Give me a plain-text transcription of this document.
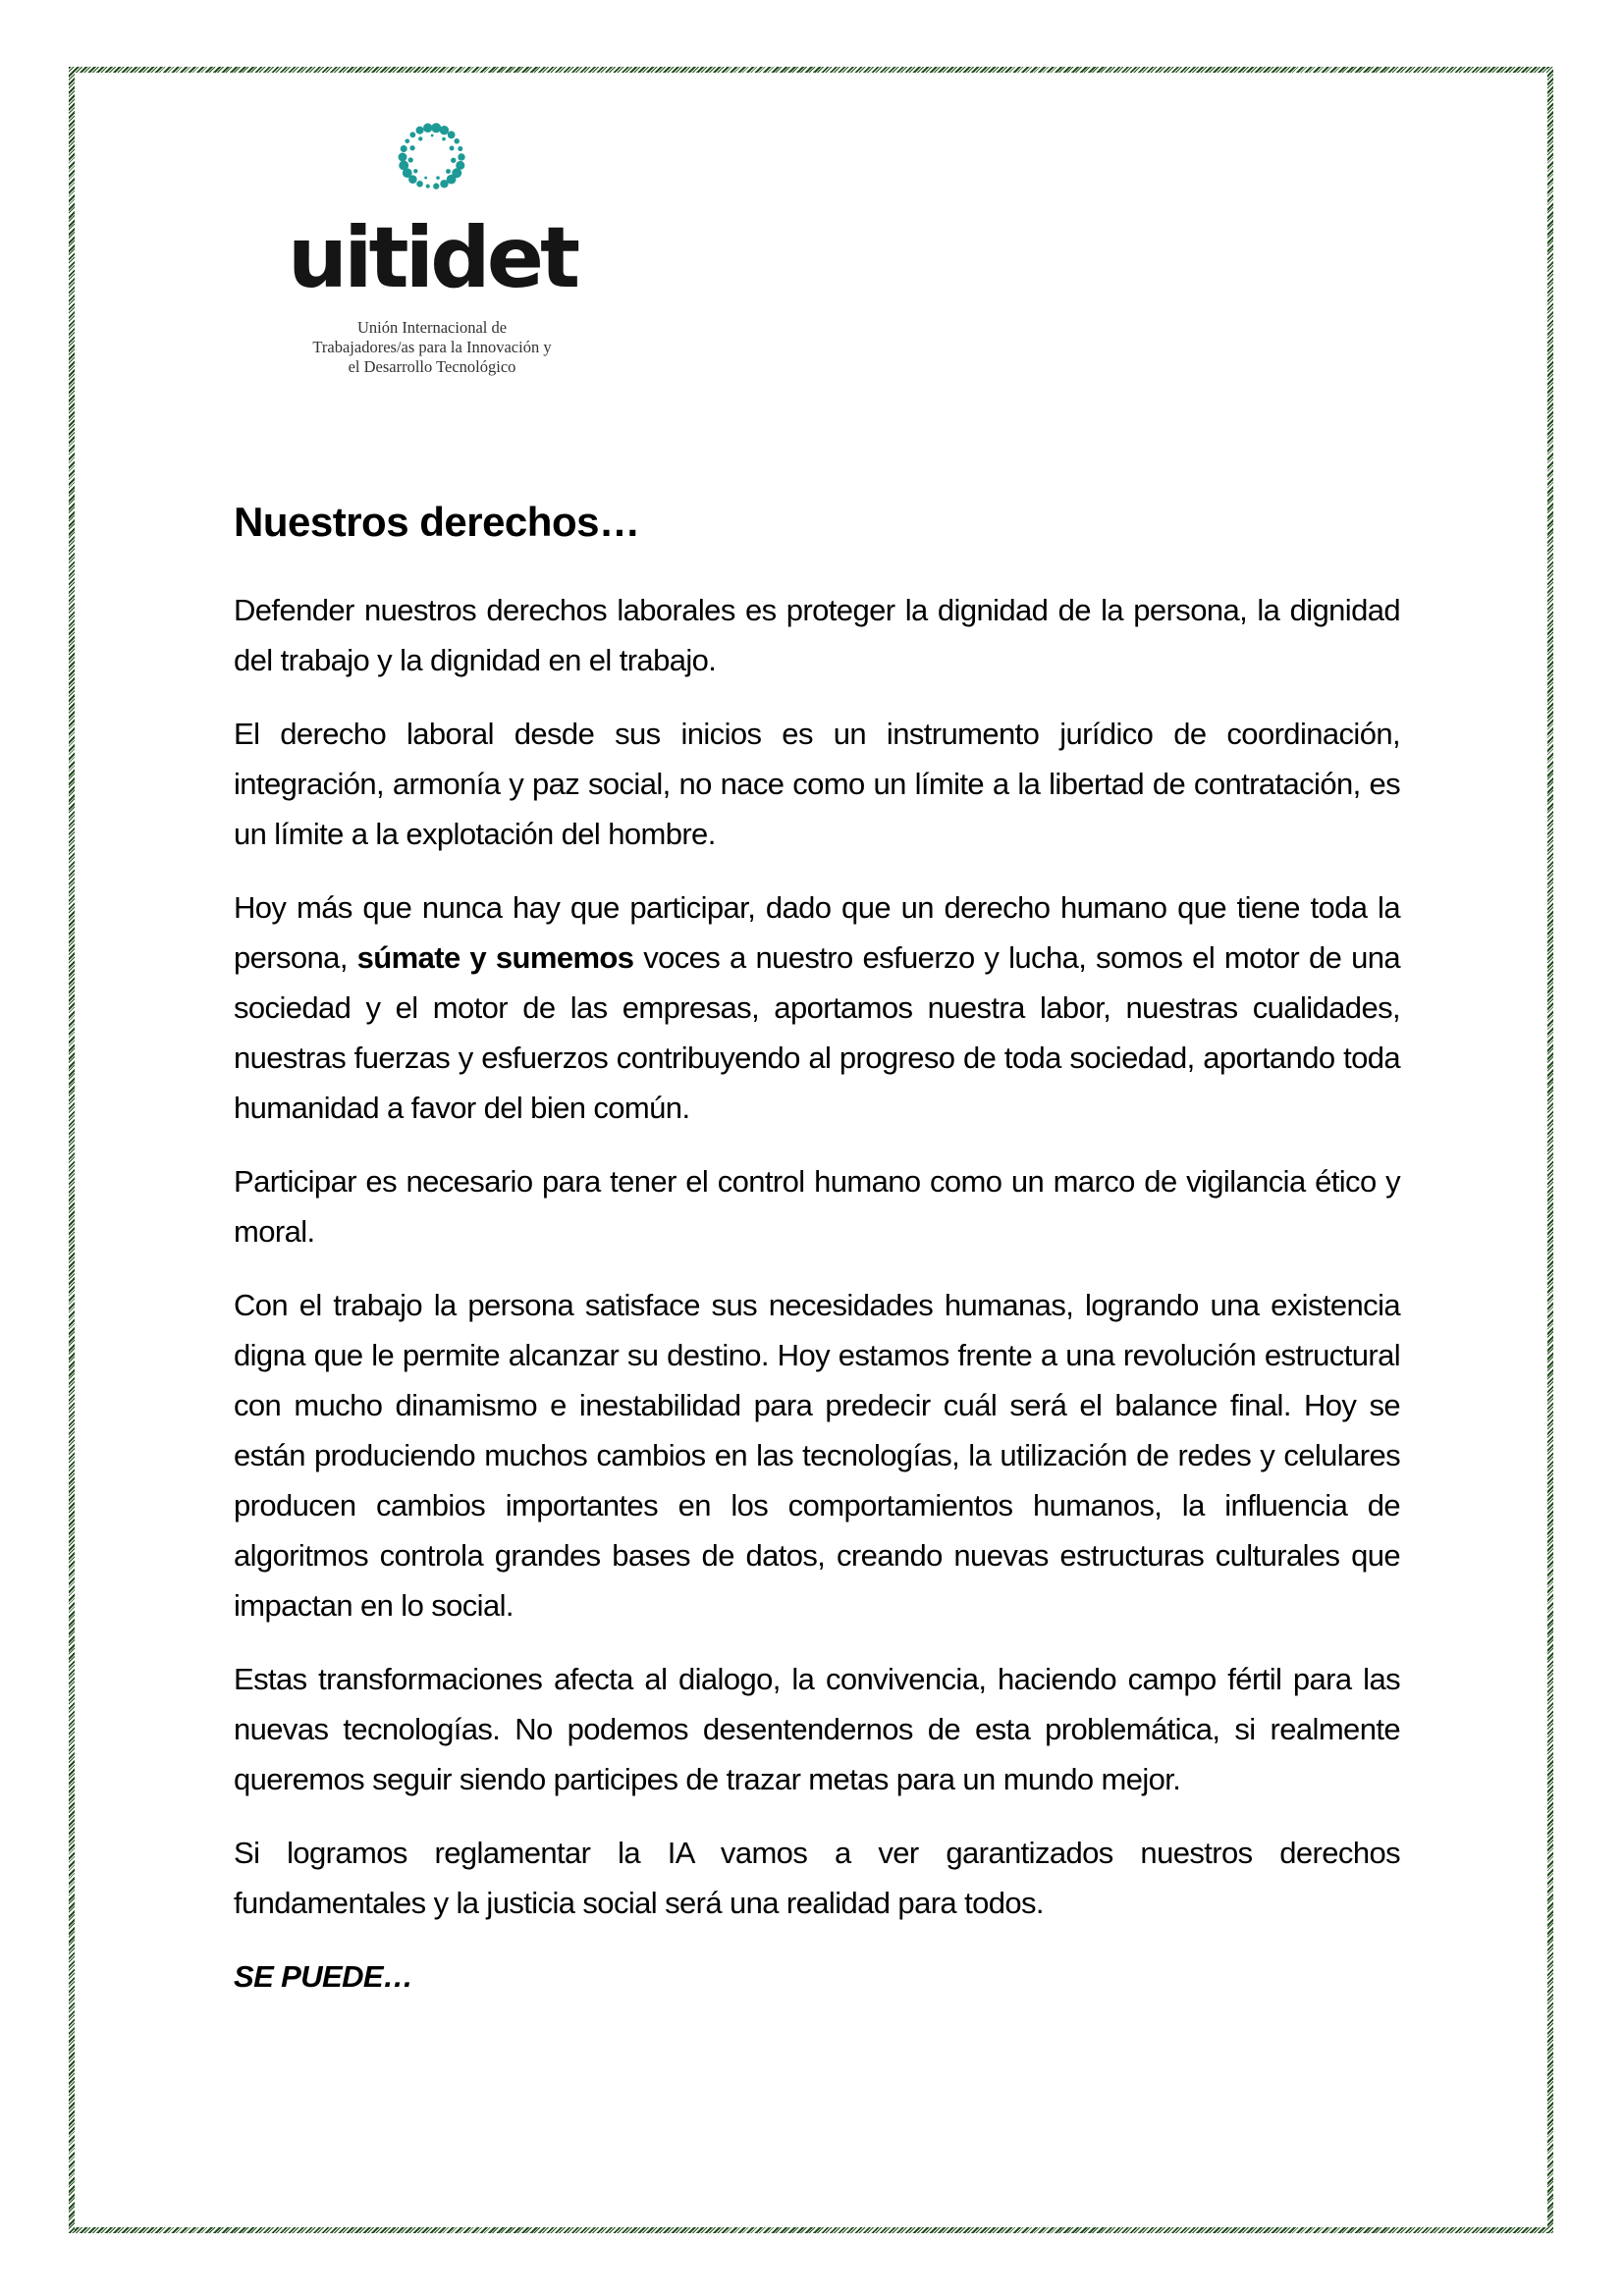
uitidet
Unión Internacional de
Trabajadores/as para la Innovación y
el Desarrollo Tecnológico
Nuestros derechos…

Defender nuestros derechos laborales es proteger la dignidad de la persona, la dignidad del trabajo y la dignidad en el trabajo.

El derecho laboral desde sus inicios es un instrumento jurídico de coordinación, integración, armonía y paz social, no nace como un límite a la libertad de contratación, es un límite a la explotación del hombre.

Hoy más que nunca hay que participar, dado que un derecho humano que tiene toda la persona, súmate y sumemos voces a nuestro esfuerzo y lucha, somos el motor de una sociedad y el motor de las empresas, aportamos nuestra labor, nuestras cualidades, nuestras fuerzas y esfuerzos contribuyendo al progreso de toda sociedad, aportando toda humanidad a favor del bien común.

Participar es necesario para tener el control humano como un marco de vigilancia ético y moral.

Con el trabajo la persona satisface sus necesidades humanas, logrando una existencia digna que le permite alcanzar su destino. Hoy estamos frente a una revolución estructural con mucho dinamismo e inestabilidad para predecir cuál será el balance final. Hoy se están produciendo muchos cambios en las tecnologías, la utilización de redes y celulares producen cambios importantes en los comportamientos humanos, la influencia de algoritmos controla grandes bases de datos, creando nuevas estructuras culturales que impactan en lo social.

Estas transformaciones afecta al dialogo, la convivencia, haciendo campo fértil para las nuevas tecnologías. No podemos desentendernos de esta problemática, si realmente queremos seguir siendo participes de trazar metas para un mundo mejor.

Si logramos reglamentar la IA vamos a ver garantizados nuestros derechos fundamentales y la justicia social será una realidad para todos.

SE PUEDE…
